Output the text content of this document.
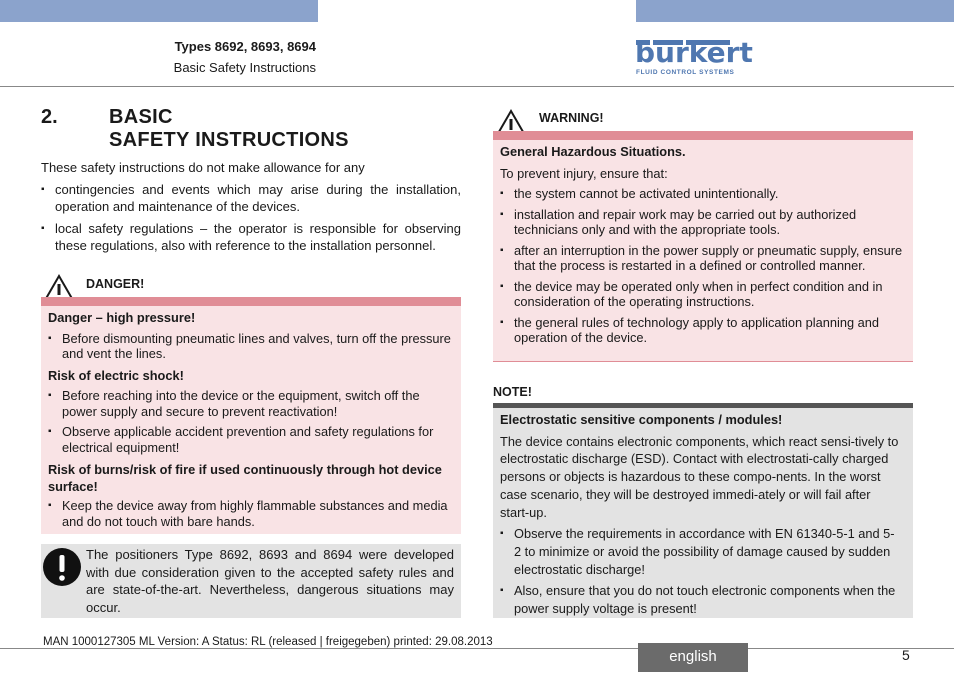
Types 8692, 8693, 8694
Basic Safety Instructions	bürkert
FLUID CONTROL SYSTEMS
2.	BASIC
SAFETY INSTRUCTIONS
These safety instructions do not make allowance for any
▪ contingencies and events which may arise during the installation, operation and maintenance of the devices.
▪ local safety regulations – the operator is responsible for observing these regulations, also with reference to the installation personnel.
DANGER!
Danger – high pressure!
▪ Before dismounting pneumatic lines and valves, turn off the pressure and vent the lines.
Risk of electric shock!
▪ Before reaching into the device or the equipment, switch off the power supply and secure to prevent reactivation!
▪ Observe applicable accident prevention and safety regulations for electrical equipment!
Risk of burns/risk of fire if used continuously through hot device surface!
▪ Keep the device away from highly flammable substances and media and do not touch with bare hands.
The positioners Type 8692, 8693 and 8694 were developed with due consideration given to the accepted safety rules and are state-of-the-art. Nevertheless, dangerous situations may occur.
WARNING!
General Hazardous Situations.
To prevent injury, ensure that:
▪ the system cannot be activated unintentionally.
▪ installation and repair work may be carried out by authorized technicians only and with the appropriate tools.
▪ after an interruption in the power supply or pneumatic supply, ensure that the process is restarted in a defined or controlled manner.
▪ the device may be operated only when in perfect condition and in consideration of the operating instructions.
▪ the general rules of technology apply to application planning and operation of the device.
NOTE!
Electrostatic sensitive components / modules!
The device contains electronic components, which react sensi-tively to electrostatic discharge (ESD). Contact with electrostati-cally charged persons or objects is hazardous to these compo-nents. In the worst case scenario, they will be destroyed immedi-ately or will fail after start-up.
▪ Observe the requirements in accordance with EN 61340-5-1 and 5-2 to minimize or avoid the possibility of damage caused by sudden electrostatic discharge!
▪ Also, ensure that you do not touch electronic components when the power supply voltage is present!
MAN 1000127305 ML Version: A Status: RL (released | freigegeben) printed: 29.08.2013
english	5
